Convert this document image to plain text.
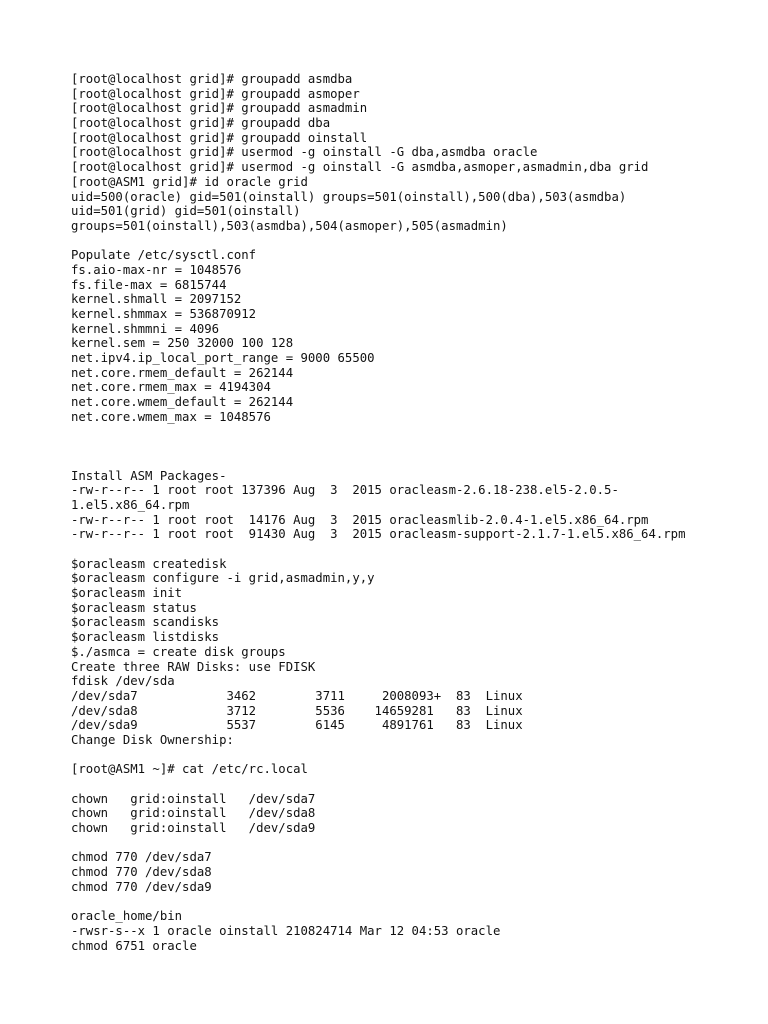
[root@localhost grid]# groupadd asmdba
[root@localhost grid]# groupadd asmoper
[root@localhost grid]# groupadd asmadmin
[root@localhost grid]# groupadd dba
[root@localhost grid]# groupadd oinstall
[root@localhost grid]# usermod -g oinstall -G dba,asmdba oracle
[root@localhost grid]# usermod -g oinstall -G asmdba,asmoper,asmadmin,dba grid
[root@ASM1 grid]# id oracle grid
uid=500(oracle) gid=501(oinstall) groups=501(oinstall),500(dba),503(asmdba)
uid=501(grid) gid=501(oinstall)
groups=501(oinstall),503(asmdba),504(asmoper),505(asmadmin)
Populate /etc/sysctl.conf
fs.aio-max-nr = 1048576
fs.file-max = 6815744
kernel.shmall = 2097152
kernel.shmmax = 536870912
kernel.shmmni = 4096
kernel.sem = 250 32000 100 128
net.ipv4.ip_local_port_range = 9000 65500
net.core.rmem_default = 262144
net.core.rmem_max = 4194304
net.core.wmem_default = 262144
net.core.wmem_max = 1048576
Install ASM Packages-
-rw-r--r-- 1 root root 137396 Aug  3  2015 oracleasm-2.6.18-238.el5-2.0.5-
1.el5.x86_64.rpm
-rw-r--r-- 1 root root  14176 Aug  3  2015 oracleasmlib-2.0.4-1.el5.x86_64.rpm
-rw-r--r-- 1 root root  91430 Aug  3  2015 oracleasm-support-2.1.7-1.el5.x86_64.rpm
$oracleasm createdisk
$oracleasm configure -i grid,asmadmin,y,y
$oracleasm init
$oracleasm status
$oracleasm scandisks
$oracleasm listdisks
$./asmca = create disk groups
Create three RAW Disks: use FDISK
fdisk /dev/sda
/dev/sda7            3462        3711     2008093+  83  Linux
/dev/sda8            3712        5536    14659281   83  Linux
/dev/sda9            5537        6145     4891761   83  Linux
Change Disk Ownership:
[root@ASM1 ~]# cat /etc/rc.local
chown   grid:oinstall   /dev/sda7
chown   grid:oinstall   /dev/sda8
chown   grid:oinstall   /dev/sda9
chmod 770 /dev/sda7
chmod 770 /dev/sda8
chmod 770 /dev/sda9
oracle_home/bin
-rwsr-s--x 1 oracle oinstall 210824714 Mar 12 04:53 oracle
chmod 6751 oracle
